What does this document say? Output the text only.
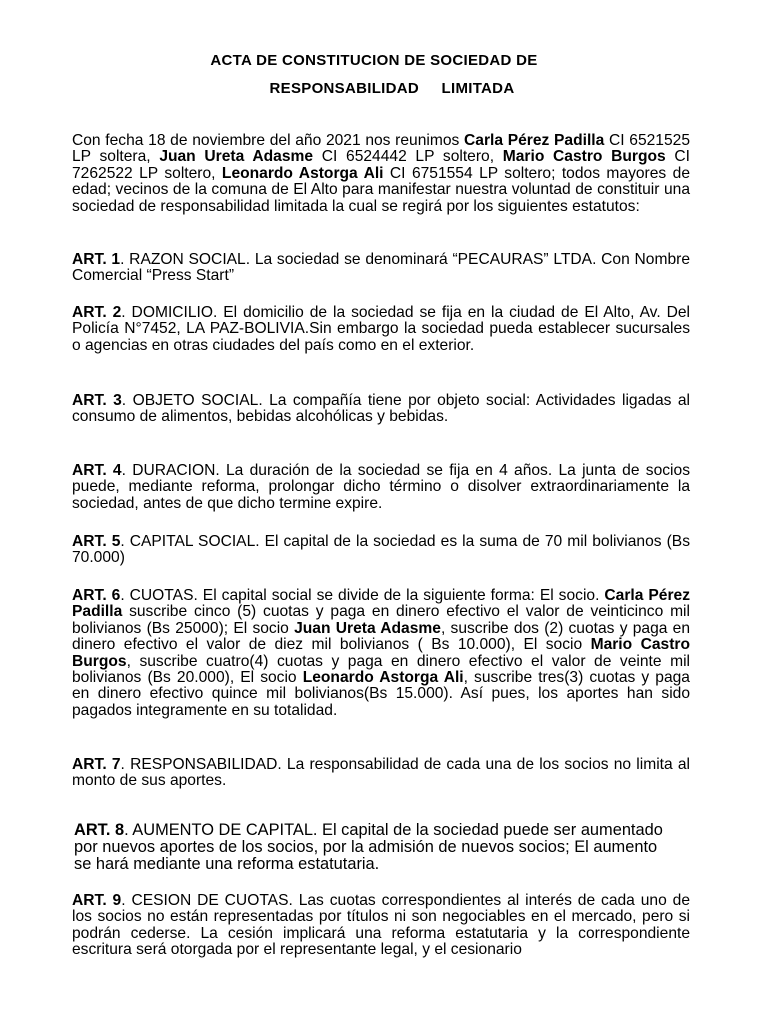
ACTA DE CONSTITUCION DE SOCIEDAD DE
RESPONSABILIDAD LIMITADA

Con fecha 18 de noviembre del año 2021 nos reunimos Carla Pérez Padilla CI 6521525 LP soltera, Juan Ureta Adasme CI 6524442 LP soltero, Mario Castro Burgos CI 7262522 LP soltero, Leonardo Astorga Ali CI 6751554 LP soltero; todos mayores de edad; vecinos de la comuna de El Alto para manifestar nuestra voluntad de constituir una sociedad de responsabilidad limitada la cual se regirá por los siguientes estatutos:

ART. 1. RAZON SOCIAL. La sociedad se denominará “PECAURAS” LTDA. Con Nombre Comercial “Press Start”

ART. 2. DOMICILIO. El domicilio de la sociedad se fija en la ciudad de El Alto, Av. Del Policía N°7452, LA PAZ-BOLIVIA.Sin embargo la sociedad pueda establecer sucursales o agencias en otras ciudades del país como en el exterior.

ART. 3. OBJETO SOCIAL. La compañía tiene por objeto social: Actividades ligadas al consumo de alimentos, bebidas alcohólicas y bebidas.

ART. 4. DURACION. La duración de la sociedad se fija en 4 años. La junta de socios puede, mediante reforma, prolongar dicho término o disolver extraordinariamente la sociedad, antes de que dicho termine expire.

ART. 5. CAPITAL SOCIAL. El capital de la sociedad es la suma de 70 mil bolivianos (Bs 70.000)

ART. 6. CUOTAS. El capital social se divide de la siguiente forma: El socio. Carla Pérez Padilla suscribe cinco (5) cuotas y paga en dinero efectivo el valor de veinticinco mil bolivianos (Bs 25000); El socio Juan Ureta Adasme, suscribe dos (2) cuotas y paga en dinero efectivo el valor de diez mil bolivianos ( Bs 10.000), El socio Mario Castro Burgos, suscribe cuatro(4) cuotas y paga en dinero efectivo el valor de veinte mil bolivianos (Bs 20.000), El socio Leonardo Astorga Ali, suscribe tres(3) cuotas y paga en dinero efectivo quince mil bolivianos(Bs 15.000). Así pues, los aportes han sido pagados integramente en su totalidad.

ART. 7. RESPONSABILIDAD. La responsabilidad de cada una de los socios no limita al monto de sus aportes.

ART. 8. AUMENTO DE CAPITAL. El capital de la sociedad puede ser aumentado por nuevos aportes de los socios, por la admisión de nuevos socios; El aumento se hará mediante una reforma estatutaria.

ART. 9. CESION DE CUOTAS. Las cuotas correspondientes al interés de cada uno de los socios no están representadas por títulos ni son negociables en el mercado, pero si podrán cederse. La cesión implicará una reforma estatutaria y la correspondiente escritura será otorgada por el representante legal, y el cesionario
